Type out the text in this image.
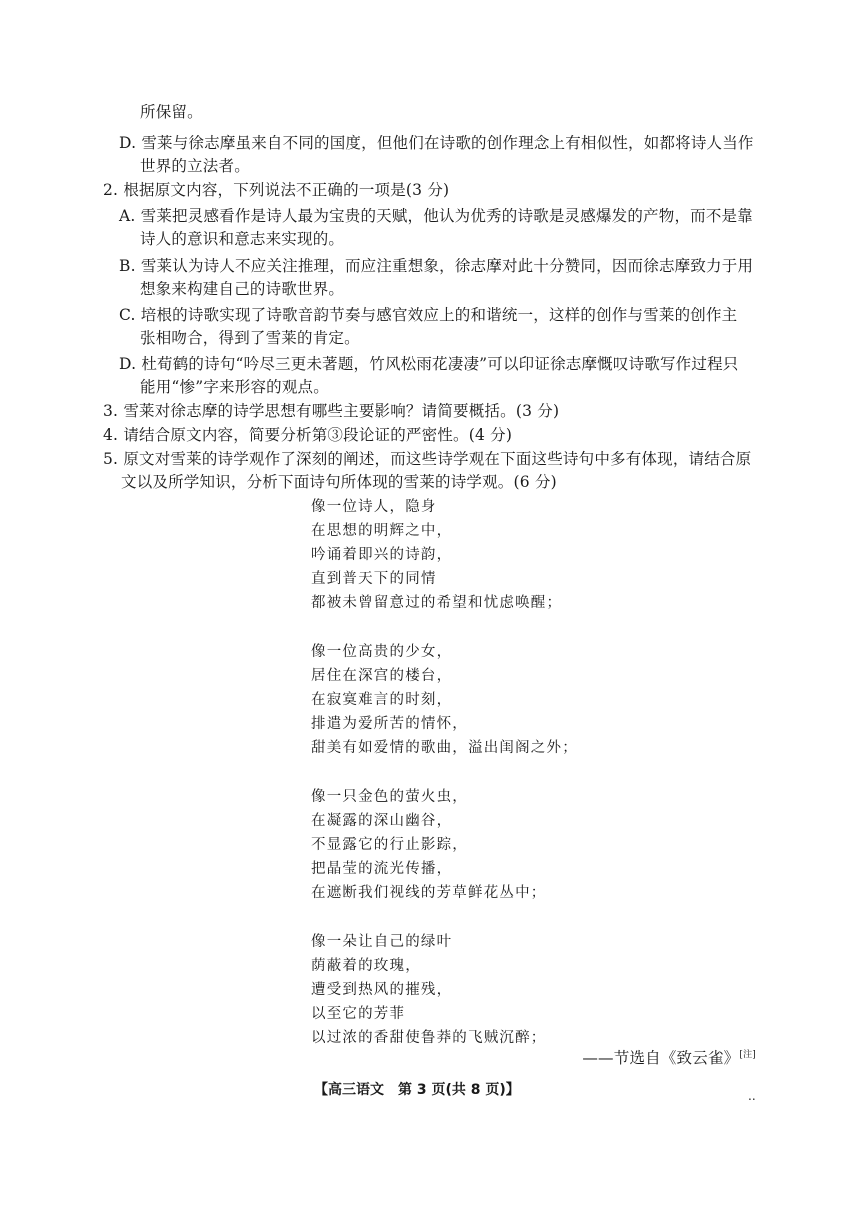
所保留。
D. 雪莱与徐志摩虽来自不同的国度，但他们在诗歌的创作理念上有相似性，如都将诗人当作
世界的立法者。
2. 根据原文内容，下列说法不正确的一项是(3 分)
A. 雪莱把灵感看作是诗人最为宝贵的天赋，他认为优秀的诗歌是灵感爆发的产物，而不是靠
诗人的意识和意志来实现的。
B. 雪莱认为诗人不应关注推理，而应注重想象，徐志摩对此十分赞同，因而徐志摩致力于用
想象来构建自己的诗歌世界。
C. 培根的诗歌实现了诗歌音韵节奏与感官效应上的和谐统一，这样的创作与雪莱的创作主
张相吻合，得到了雪莱的肯定。
D. 杜荀鹤的诗句“吟尽三更未著题，竹风松雨花凄凄”可以印证徐志摩慨叹诗歌写作过程只
能用“惨”字来形容的观点。
3. 雪莱对徐志摩的诗学思想有哪些主要影响？请简要概括。(3 分)
4. 请结合原文内容，简要分析第③段论证的严密性。(4 分)
5. 原文对雪莱的诗学观作了深刻的阐述，而这些诗学观在下面这些诗句中多有体现，请结合原
文以及所学知识，分析下面诗句所体现的雪莱的诗学观。(6 分)
像一位诗人，隐身
在思想的明辉之中，
吟诵着即兴的诗韵，
直到普天下的同情
都被未曾留意过的希望和忧虑唤醒；
像一位高贵的少女，
居住在深宫的楼台，
在寂寞难言的时刻，
排遣为爱所苦的情怀，
甜美有如爱情的歌曲，溢出闺阁之外；
像一只金色的萤火虫，
在凝露的深山幽谷，
不显露它的行止影踪，
把晶莹的流光传播，
在遮断我们视线的芳草鲜花丛中；
像一朵让自己的绿叶
荫蔽着的玫瑰，
遭受到热风的摧残，
以至它的芳菲
以过浓的香甜使鲁莽的飞贼沉醉；
——节选自《致云雀》[注]
【高三语文　第 3 页(共 8 页)】	..
